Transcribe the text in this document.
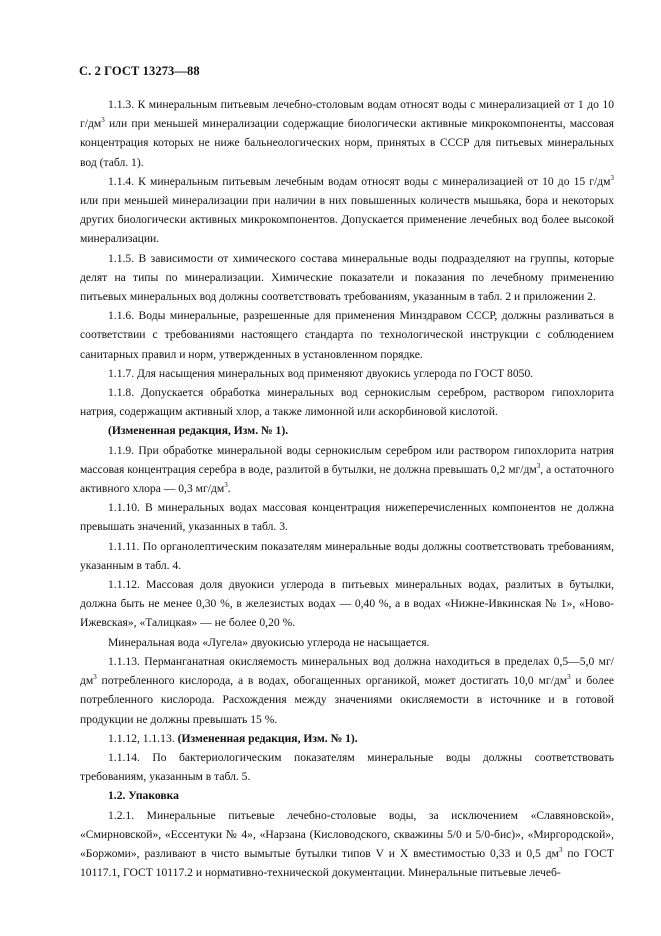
С. 2 ГОСТ 13273—88

1.1.3. К минеральным питьевым лечебно-столовым водам относят воды с минерализацией от 1 до 10 $г/дм^3$ или при меньшей минерализации содержащие биологически активные микрокомпоненты, массовая концентрация которых не ниже бальнеологических норм, принятых в СССР для питьевых минеральных вод (табл. 1).

1.1.4. К минеральным питьевым лечебным водам относят воды с минерализацией от 10 до 15 $г/дм^3$ или при меньшей минерализации при наличии в них повышенных количеств мышьяка, бора и некоторых других биологически активных микрокомпонентов. Допускается применение лечебных вод более высокой минерализации.

1.1.5. В зависимости от химического состава минеральные воды подразделяют на группы, которые делят на типы по минерализации. Химические показатели и показания по лечебному применению питьевых минеральных вод должны соответствовать требованиям, указанным в табл. 2 и приложении 2.

1.1.6. Воды минеральные, разрешенные для применения Минздравом СССР, должны разливаться в соответствии с требованиями настоящего стандарта по технологической инструкции с соблюдением санитарных правил и норм, утвержденных в установленном порядке.

1.1.7. Для насыщения минеральных вод применяют двуокись углерода по ГОСТ 8050.

1.1.8. Допускается обработка минеральных вод сернокислым серебром, раствором гипохлорита натрия, содержащим активный хлор, а также лимонной или аскорбиновой кислотой.

(Измененная редакция, Изм. № 1).

1.1.9. При обработке минеральной воды сернокислым серебром или раствором гипохлорита натрия массовая концентрация серебра в воде, разлитой в бутылки, не должна превышать 0,2 $мг/дм^3$, а остаточного активного хлора — 0,3 $мг/дм^3$.

1.1.10. В минеральных водах массовая концентрация нижеперечисленных компонентов не должна превышать значений, указанных в табл. 3.

1.1.11. По органолептическим показателям минеральные воды должны соответствовать требованиям, указанным в табл. 4.

1.1.12. Массовая доля двуокиси углерода в питьевых минеральных водах, разлитых в бутылки, должна быть не менее 0,30 %, в железистых водах — 0,40 %, а в водах «Нижне-Ивкинская № 1», «Ново-Ижевская», «Талицкая» — не более 0,20 %.

Минеральная вода «Лугела» двуокисью углерода не насыщается.

1.1.13. Перманганатная окисляемость минеральных вод должна находиться в пределах 0,5—5,0 $мг/дм^3$ потребленного кислорода, а в водах, обогащенных органикой, может достигать 10,0 $мг/дм^3$ и более потребленного кислорода. Расхождения между значениями окисляемости в источнике и в готовой продукции не должны превышать 15 %.

1.1.12, 1.1.13. (Измененная редакция, Изм. № 1).

1.1.14. По бактериологическим показателям минеральные воды должны соответствовать требованиям, указанным в табл. 5.

1.2. Упаковка

1.2.1. Минеральные питьевые лечебно-столовые воды, за исключением «Славяновской», «Смирновской», «Ессентуки № 4», «Нарзана (Кисловодского, скважины 5/0 и 5/0-бис)», «Миргородской», «Боржоми», разливают в чисто вымытые бутылки типов V и X вместимостью 0,33 и 0,5 $дм^3$ по ГОСТ 10117.1, ГОСТ 10117.2 и нормативно-технической документации. Минеральные питьевые лечеб-
